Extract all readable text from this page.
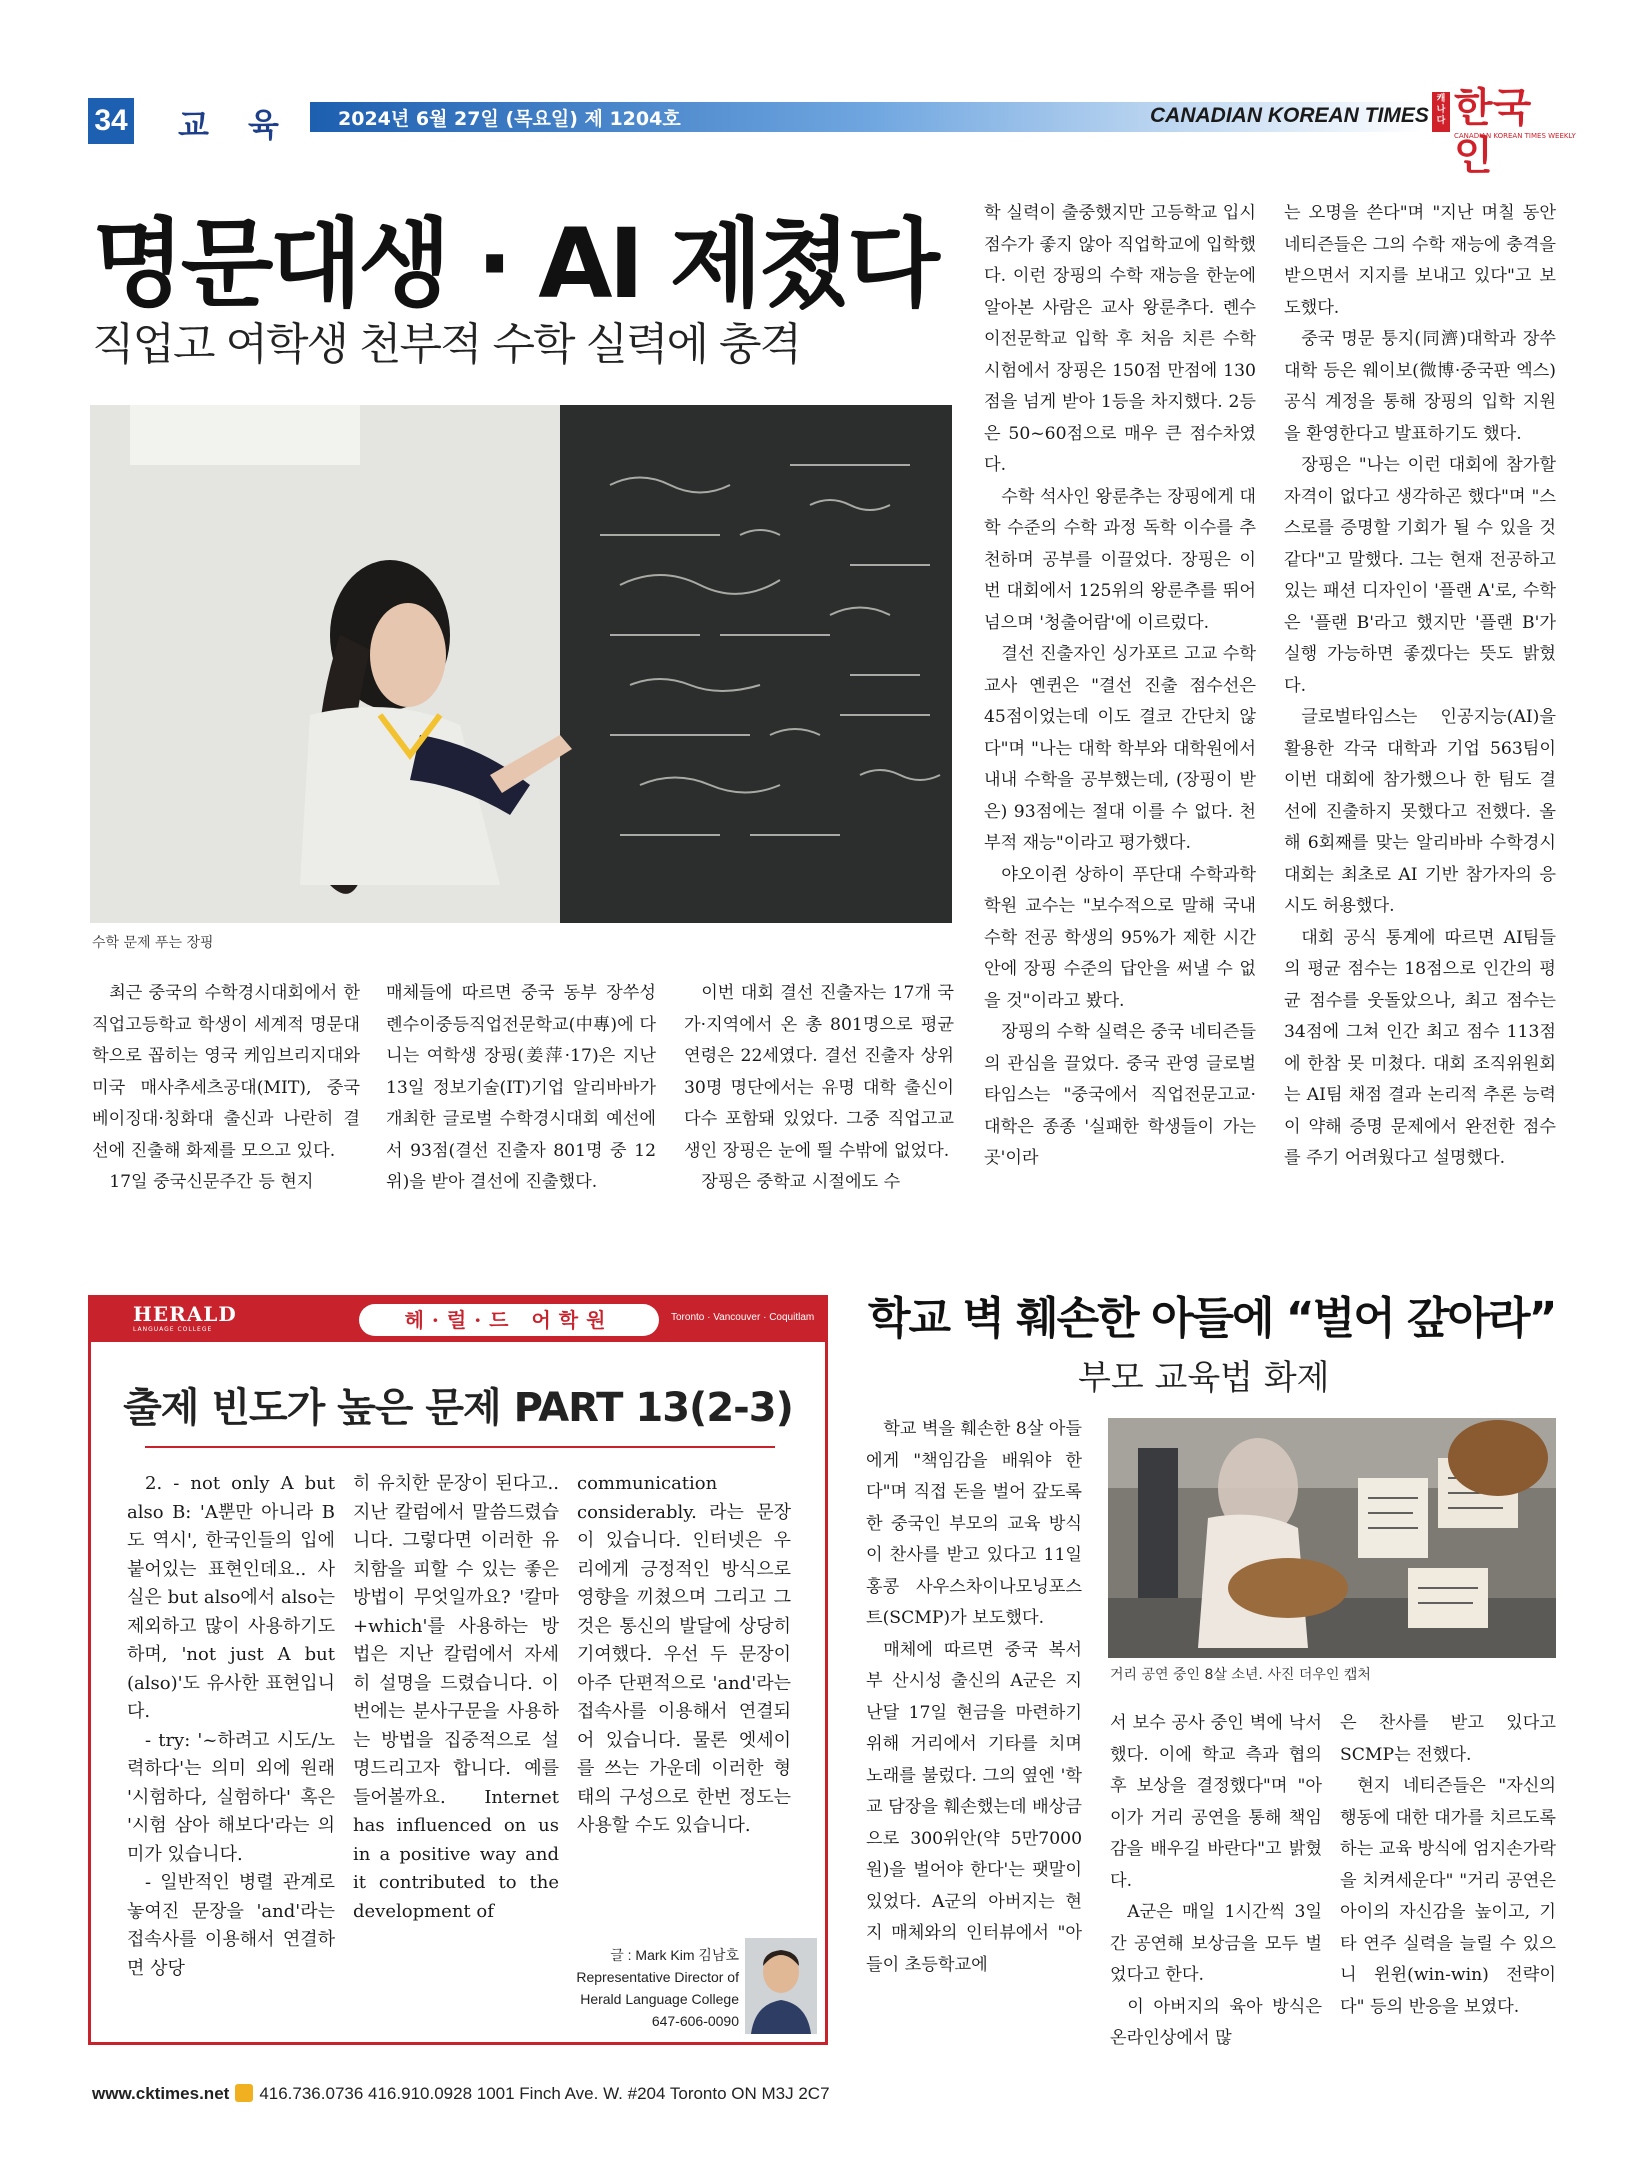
34 교 육 2024년 6월 27일 (목요일) 제 1204호	CANADIAN KOREAN TIMES
캐나다 한국인
CANADIAN KOREAN TIMES WEEKLY
명문대생 · AI 제쳤다
직업고 여학생 천부적 수학 실력에 충격
수학 문제 푸는 장핑

최근 중국의 수학경시대회에서 한 직업고등학교 학생이 세계적 명문대학으로 꼽히는 영국 케임브리지대와 미국 매사추세츠공대(MIT), 중국 베이징대·칭화대 출신과 나란히 결선에 진출해 화제를 모으고 있다.

17일 중국신문주간 등 현지

매체들에 따르면 중국 동부 장쑤성 롄수이중등직업전문학교(中專)에 다니는 여학생 장핑(姜萍·17)은 지난 13일 정보기술(IT)기업 알리바바가 개최한 글로벌 수학경시대회 예선에서 93점(결선 진출자 801명 중 12위)을 받아 결선에 진출했다.

이번 대회 결선 진출자는 17개 국가·지역에서 온 총 801명으로 평균 연령은 22세였다. 결선 진출자 상위 30명 명단에서는 유명 대학 출신이 다수 포함돼 있었다. 그중 직업고교생인 장핑은 눈에 띌 수밖에 없었다.

장핑은 중학교 시절에도 수

학 실력이 출중했지만 고등학교 입시 점수가 좋지 않아 직업학교에 입학했다. 이런 장핑의 수학 재능을 한눈에 알아본 사람은 교사 왕룬추다. 롄수이전문학교 입학 후 처음 치른 수학시험에서 장핑은 150점 만점에 130점을 넘게 받아 1등을 차지했다. 2등은 50~60점으로 매우 큰 점수차였다.

수학 석사인 왕룬추는 장핑에게 대학 수준의 수학 과정 독학 이수를 추천하며 공부를 이끌었다. 장핑은 이번 대회에서 125위의 왕룬추를 뛰어넘으며 '청출어람'에 이르렀다.

결선 진출자인 싱가포르 고교 수학교사 옌퀸은 "결선 진출 점수선은 45점이었는데 이도 결코 간단치 않다"며 "나는 대학 학부와 대학원에서 내내 수학을 공부했는데, (장핑이 받은) 93점에는 절대 이를 수 없다. 천부적 재능"이라고 평가했다.

야오이쥔 상하이 푸단대 수학과학학원 교수는 "보수적으로 말해 국내 수학 전공 학생의 95%가 제한 시간 안에 장핑 수준의 답안을 써낼 수 없을 것"이라고 봤다.

장핑의 수학 실력은 중국 네티즌들의 관심을 끌었다. 중국 관영 글로벌타임스는 "중국에서 직업전문고교·대학은 종종 '실패한 학생들이 가는 곳'이라

는 오명을 쓴다"며 "지난 며칠 동안 네티즌들은 그의 수학 재능에 충격을 받으면서 지지를 보내고 있다"고 보도했다.

중국 명문 퉁지(同濟)대학과 장쑤대학 등은 웨이보(微博·중국판 엑스) 공식 계정을 통해 장핑의 입학 지원을 환영한다고 발표하기도 했다.

장핑은 "나는 이런 대회에 참가할 자격이 없다고 생각하곤 했다"며 "스스로를 증명할 기회가 될 수 있을 것 같다"고 말했다. 그는 현재 전공하고 있는 패션 디자인이 '플랜 A'로, 수학은 '플랜 B'라고 했지만 '플랜 B'가 실행 가능하면 좋겠다는 뜻도 밝혔다.

글로벌타임스는 인공지능(AI)을 활용한 각국 대학과 기업 563팀이 이번 대회에 참가했으나 한 팀도 결선에 진출하지 못했다고 전했다. 올해 6회째를 맞는 알리바바 수학경시대회는 최초로 AI 기반 참가자의 응시도 허용했다.

대회 공식 통계에 따르면 AI팀들의 평균 점수는 18점으로 인간의 평균 점수를 웃돌았으나, 최고 점수는 34점에 그쳐 인간 최고 점수 113점에 한참 못 미쳤다. 대회 조직위원회는 AI팀 채점 결과 논리적 추론 능력이 약해 증명 문제에서 완전한 점수를 주기 어려웠다고 설명했다.

HERALD
LANGUAGE COLLEGE	헤·럴·드 어학원	Toronto · Vancouver · Coquitlam
출제 빈도가 높은 문제 PART 13(2-3)

2. - not only A but also B: 'A뿐만 아니라 B도 역시', 한국인들의 입에 붙어있는 표현인데요.. 사실은 but also에서 also는 제외하고 많이 사용하기도 하며, 'not just A but (also)'도 유사한 표현입니다.

- try: '~하려고 시도/노력하다'는 의미 외에 원래 '시험하다, 실험하다' 혹은 '시험 삼아 해보다'라는 의미가 있습니다.

- 일반적인 병렬 관계로 놓여진 문장을 'and'라는 접속사를 이용해서 연결하면 상당

히 유치한 문장이 된다고.. 지난 칼럼에서 말씀드렸습니다. 그렇다면 이러한 유치함을 피할 수 있는 좋은 방법이 무엇일까요? '칼마+which'를 사용하는 방법은 지난 칼럼에서 자세히 설명을 드렸습니다. 이번에는 분사구문을 사용하는 방법을 집중적으로 설명드리고자 합니다. 예를 들어볼까요. Internet has influenced on us in a positive way and it contributed to the development of

communication considerably. 라는 문장이 있습니다. 인터넷은 우리에게 긍정적인 방식으로 영향을 끼쳤으며 그리고 그것은 통신의 발달에 상당히 기여했다. 우선 두 문장이 아주 단편적으로 'and'라는 접속사를 이용해서 연결되어 있습니다. 물론 엣세이를 쓰는 가운데 이러한 형태의 구성으로 한번 정도는 사용할 수도 있습니다.

글 : Mark Kim 김남호
Representative Director of
Herald Language College
647-606-0090
학교 벽 훼손한 아들에 “벌어 갚아라”
부모 교육법 화제

학교 벽을 훼손한 8살 아들에게 "책임감을 배워야 한다"며 직접 돈을 벌어 갚도록 한 중국인 부모의 교육 방식이 찬사를 받고 있다고 11일 홍콩 사우스차이나모닝포스트(SCMP)가 보도했다.

매체에 따르면 중국 복서부 산시성 출신의 A군은 지난달 17일 현금을 마련하기 위해 거리에서 기타를 치며 노래를 불렀다. 그의 옆엔 '학교 담장을 훼손했는데 배상금으로 300위안(약 5만7000원)을 벌어야 한다'는 팻말이 있었다. A군의 아버지는 현지 매체와의 인터뷰에서 "아들이 초등학교에

거리 공연 중인 8살 소년. 사진 더우인 캡처

서 보수 공사 중인 벽에 낙서했다. 이에 학교 측과 협의 후 보상을 결정했다"며 "아이가 거리 공연을 통해 책임감을 배우길 바란다"고 밝혔다.

A군은 매일 1시간씩 3일간 공연해 보상금을 모두 벌었다고 한다.

이 아버지의 육아 방식은 온라인상에서 많

은 찬사를 받고 있다고 SCMP는 전했다.

현지 네티즌들은 "자신의 행동에 대한 대가를 치르도록 하는 교육 방식에 엄지손가락을 치켜세운다" "거리 공연은 아이의 자신감을 높이고, 기타 연주 실력을 늘릴 수 있으니 윈윈(win-win) 전략이다" 등의 반응을 보였다.

www.cktimes.net 416.736.0736 416.910.0928 1001 Finch Ave. W. #204 Toronto ON M3J 2C7
